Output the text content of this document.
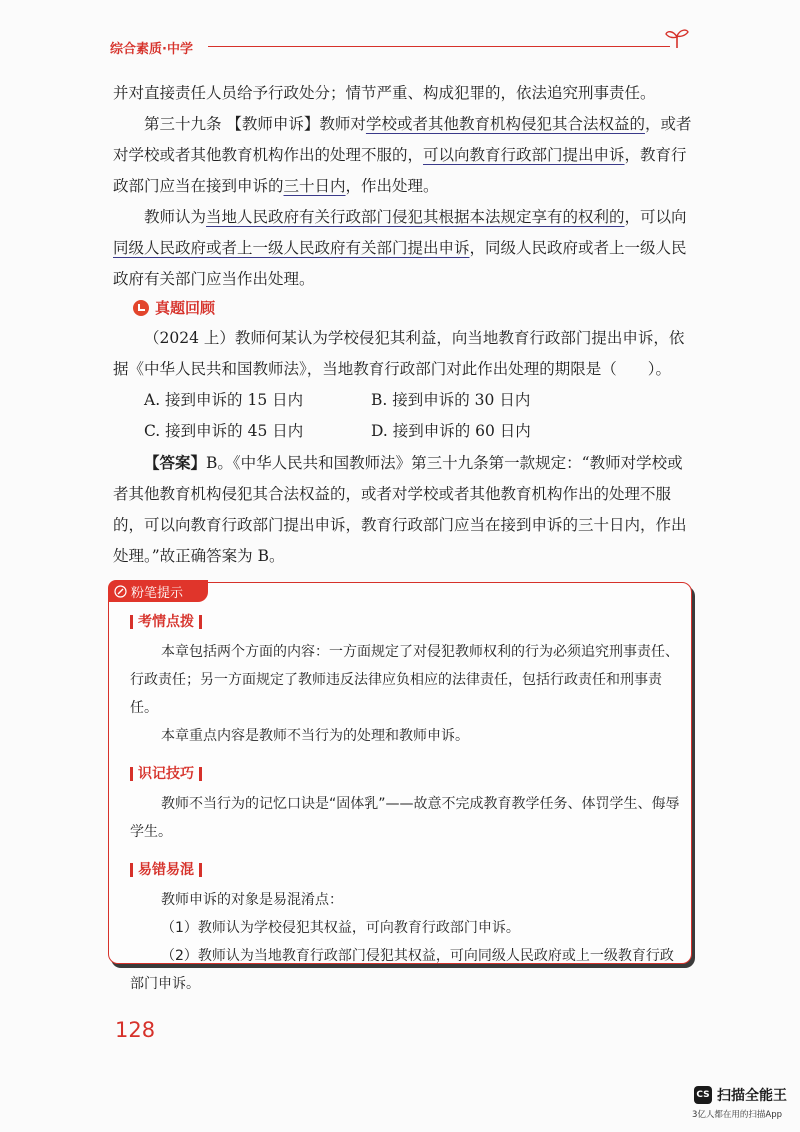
综合素质·中学

并对直接责任人员给予行政处分；情节严重、构成犯罪的，依法追究刑事责任。

第三十九条 【教师申诉】教师对学校或者其他教育机构侵犯其合法权益的，或者对学校或者其他教育机构作出的处理不服的，可以向教育行政部门提出申诉，教育行政部门应当在接到申诉的三十日内，作出处理。

教师认为当地人民政府有关行政部门侵犯其根据本法规定享有的权利的，可以向同级人民政府或者上一级人民政府有关部门提出申诉，同级人民政府或者上一级人民政府有关部门应当作出处理。

真题回顾

（2024 上）教师何某认为学校侵犯其利益，向当地教育行政部门提出申诉，依据《中华人民共和国教师法》，当地教育行政部门对此作出处理的期限是（　　）。

A. 接到申诉的 15 日内	B. 接到申诉的 30 日内
C. 接到申诉的 45 日内	D. 接到申诉的 60 日内

【答案】B。《中华人民共和国教师法》第三十九条第一款规定：“教师对学校或者其他教育机构侵犯其合法权益的，或者对学校或者其他教育机构作出的处理不服的，可以向教育行政部门提出申诉，教育行政部门应当在接到申诉的三十日内，作出处理。”故正确答案为 B。

粉笔提示
考情点拨

本章包括两个方面的内容：一方面规定了对侵犯教师权利的行为必须追究刑事责任、行政责任；另一方面规定了教师违反法律应负相应的法律责任，包括行政责任和刑事责任。

本章重点内容是教师不当行为的处理和教师申诉。

识记技巧

教师不当行为的记忆口诀是“固体乳”——故意不完成教育教学任务、体罚学生、侮辱学生。

易错易混

教师申诉的对象是易混淆点：

（1）教师认为学校侵犯其权益，可向教育行政部门申诉。

（2）教师认为当地教育行政部门侵犯其权益，可向同级人民政府或上一级教育行政部门申诉。

128
CS 扫描全能王
3亿人都在用的扫描App
